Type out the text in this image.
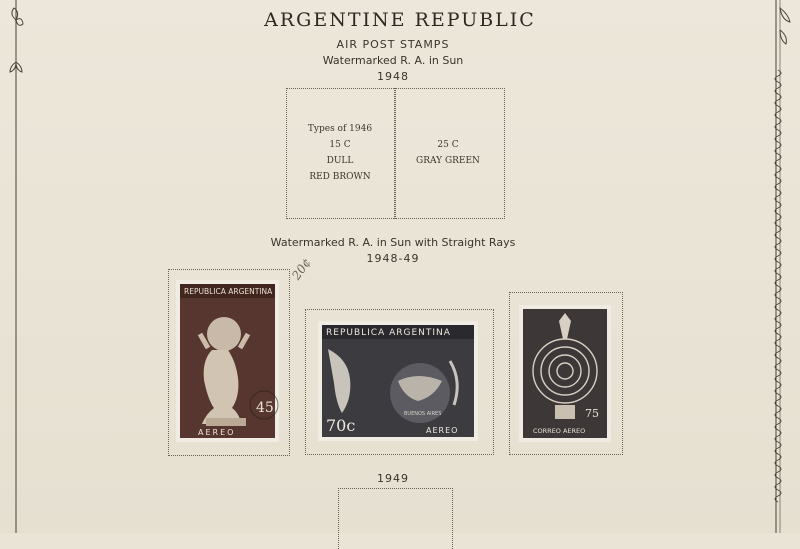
ARGENTINE REPUBLIC
AIR POST STAMPS
Watermarked R. A. in Sun
1948
Types of 1946
15 C
DULL
RED BROWN
25 C
GRAY GREEN
Watermarked R. A. in Sun with Straight Rays
1948-49
20¢
REPUBLICA ARGENTINA
45
AEREO
REPUBLICA ARGENTINA
BUENOS AIRES
70c	AEREO
75
CORREO AEREO
1949
